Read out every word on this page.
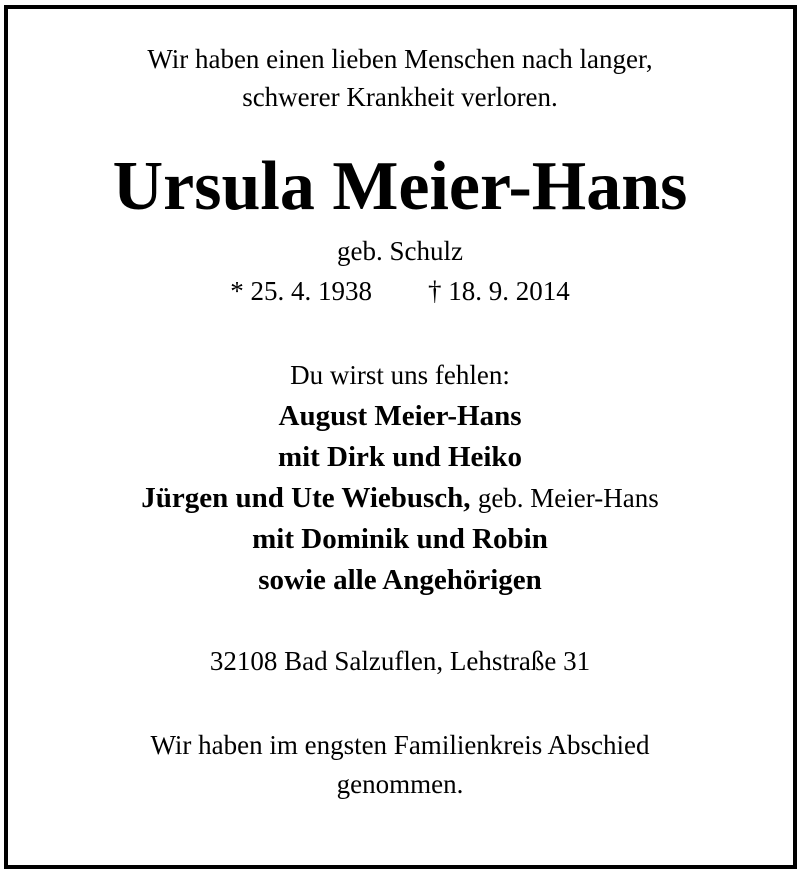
Wir haben einen lieben Menschen nach langer,

schwerer Krankheit verloren.

Ursula Meier-Hans

geb. Schulz

* 25. 4. 1938 † 18. 9. 2014

Du wirst uns fehlen:

August Meier-Hans

mit Dirk und Heiko

Jürgen und Ute Wiebusch, geb. Meier-Hans

mit Dominik und Robin

sowie alle Angehörigen

32108 Bad Salzuflen, Lehstraße 31

Wir haben im engsten Familienkreis Abschied

genommen.
